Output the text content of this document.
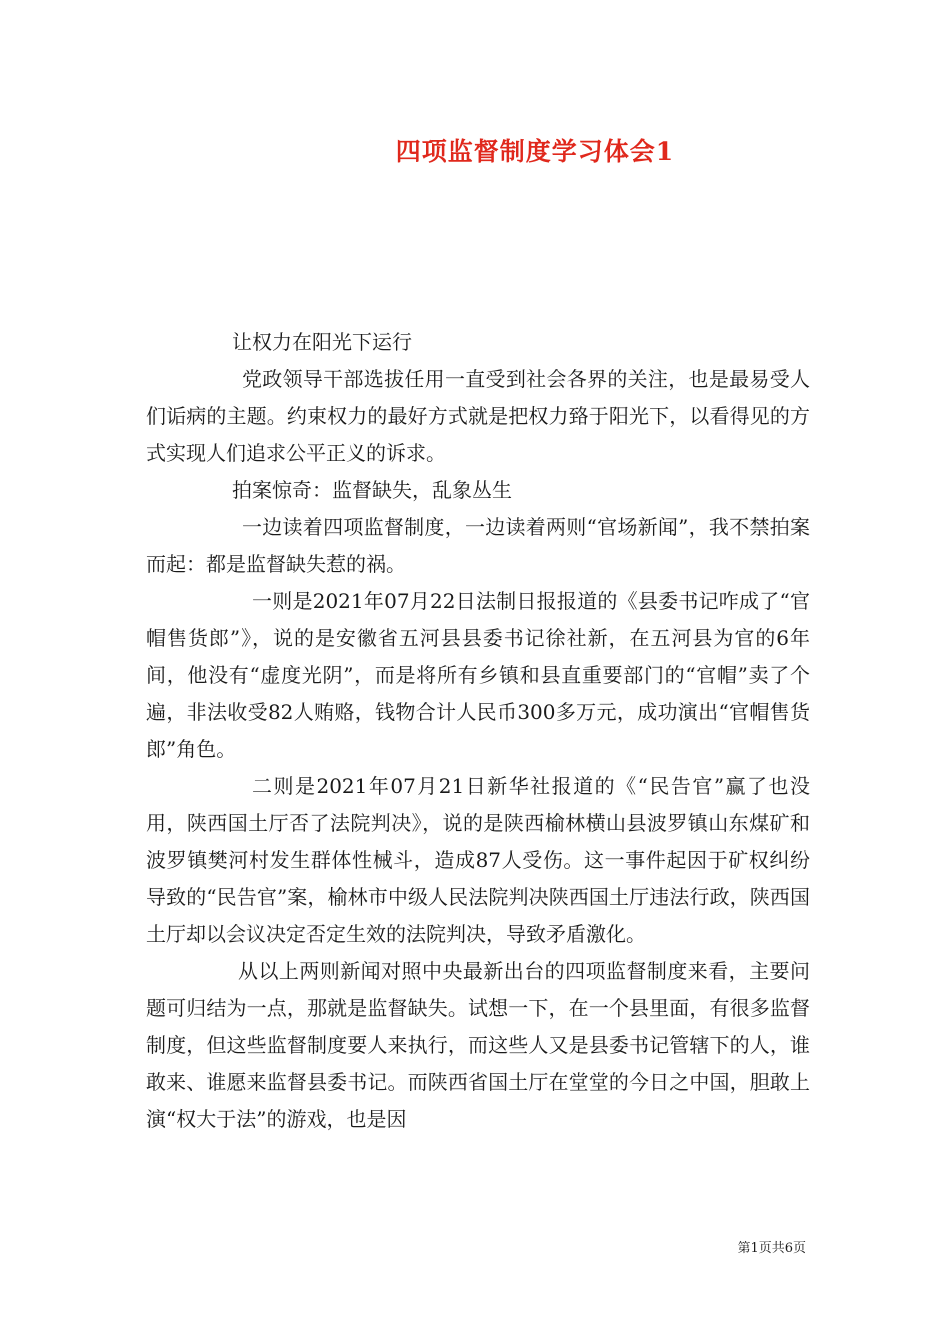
四项监督制度学习体会1

让权力在阳光下运行

党政领导干部选拔任用一直受到社会各界的关注，也是最易受人们诟病的主题。约束权力的最好方式就是把权力臵于阳光下，以看得见的方式实现人们追求公平正义的诉求。

拍案惊奇：监督缺失，乱象丛生

一边读着四项监督制度，一边读着两则“官场新闻”，我不禁拍案而起：都是监督缺失惹的祸。

一则是2021年07月22日法制日报报道的《县委书记咋成了“官帽售货郎”》，说的是安徽省五河县县委书记徐社新，在五河县为官的6年间，他没有“虚度光阴”，而是将所有乡镇和县直重要部门的“官帽”卖了个遍，非法收受82人贿赂，钱物合计人民币300多万元，成功演出“官帽售货郎”角色。

二则是2021年07月21日新华社报道的《“民告官”赢了也没用，陕西国土厅否了法院判决》，说的是陕西榆林横山县波罗镇山东煤矿和波罗镇樊河村发生群体性械斗，造成87人受伤。这一事件起因于矿权纠纷导致的“民告官”案，榆林市中级人民法院判决陕西国土厅违法行政，陕西国土厅却以会议决定否定生效的法院判决，导致矛盾激化。

从以上两则新闻对照中央最新出台的四项监督制度来看，主要问题可归结为一点，那就是监督缺失。试想一下，在一个县里面，有很多监督制度，但这些监督制度要人来执行，而这些人又是县委书记管辖下的人，谁敢来、谁愿来监督县委书记。而陕西省国土厅在堂堂的今日之中国，胆敢上演“权大于法”的游戏，也是因

第1页共6页
